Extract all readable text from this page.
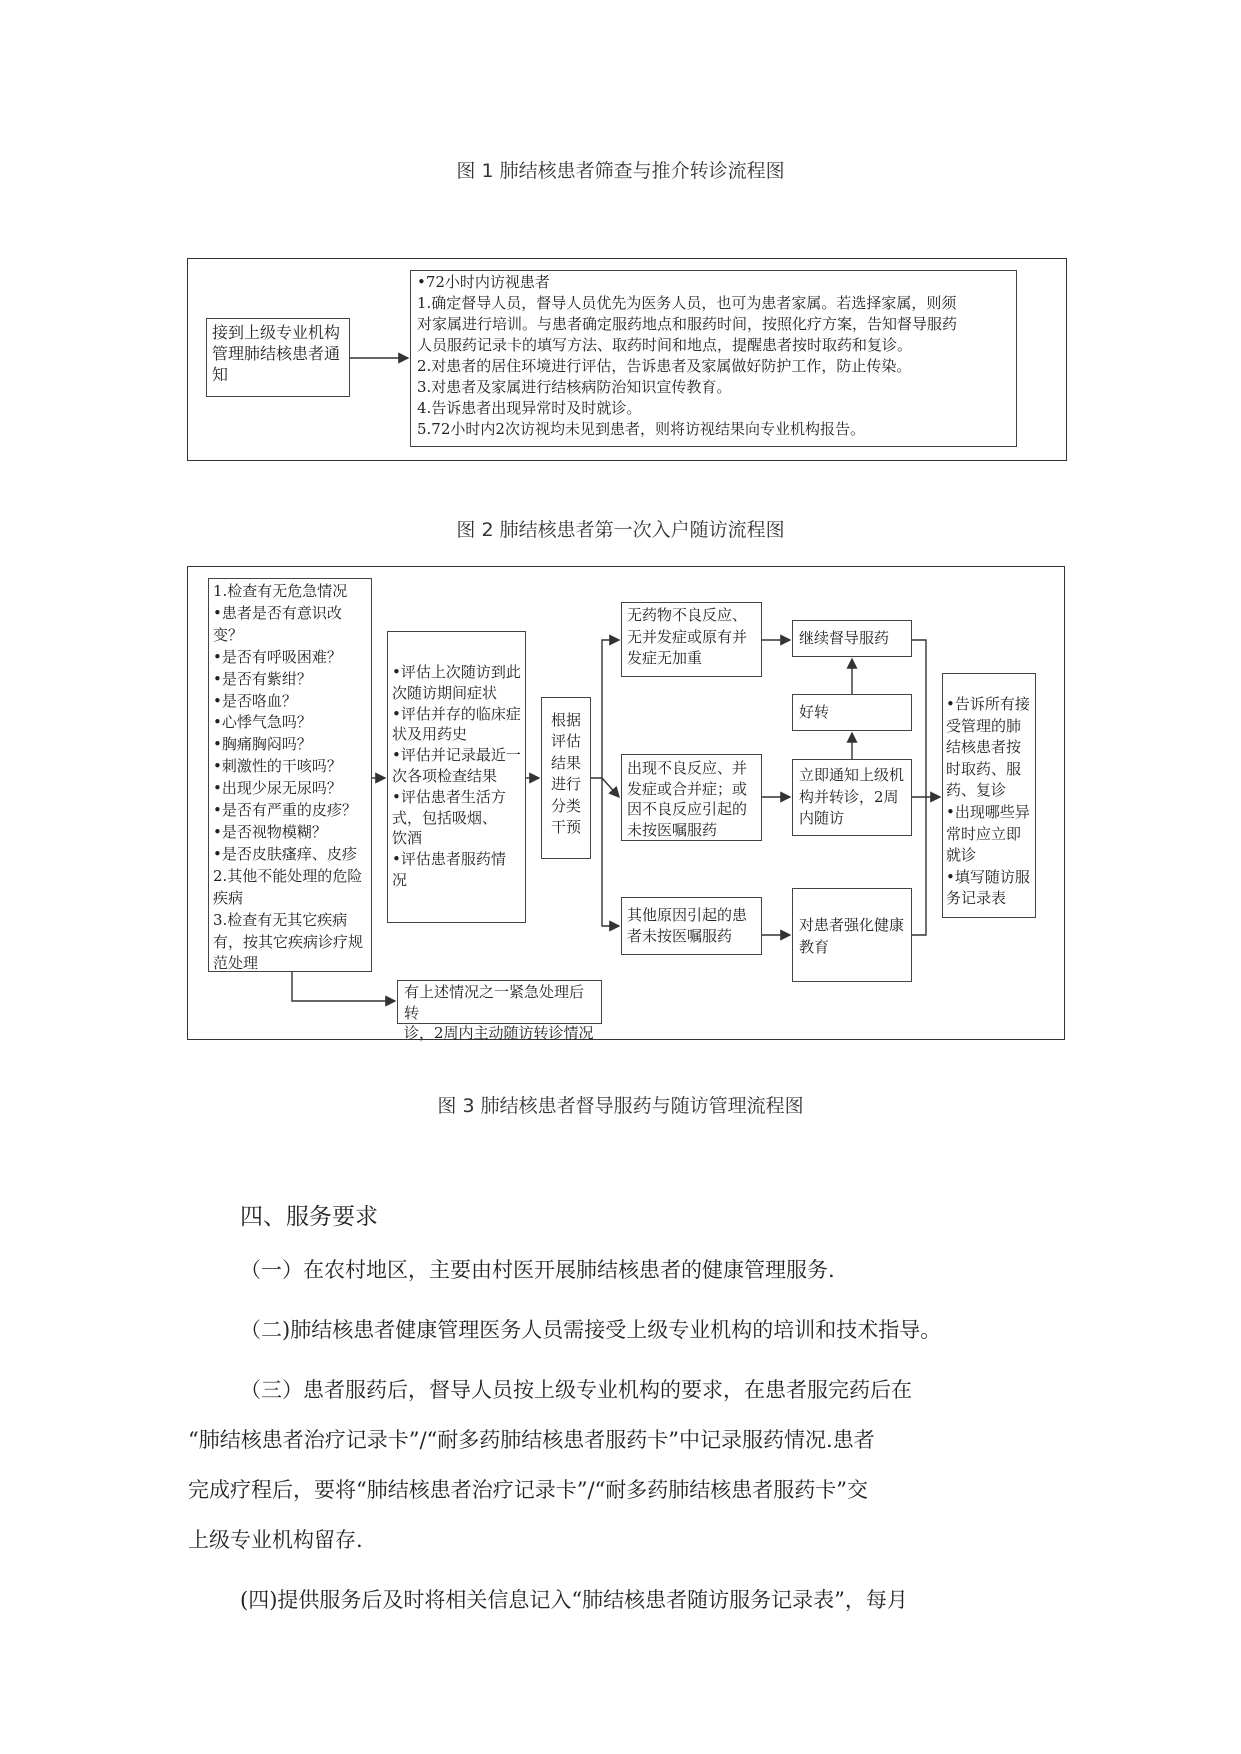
图 1 肺结核患者筛查与推介转诊流程图
接到上级专业机构
管理肺结核患者通
知
•72小时内访视患者
1.确定督导人员，督导人员优先为医务人员，也可为患者家属。若选择家属，则须
对家属进行培训。与患者确定服药地点和服药时间，按照化疗方案，告知督导服药
人员服药记录卡的填写方法、取药时间和地点，提醒患者按时取药和复诊。
2.对患者的居住环境进行评估，告诉患者及家属做好防护工作，防止传染。
3.对患者及家属进行结核病防治知识宣传教育。
4.告诉患者出现异常时及时就诊。
5.72小时内2次访视均未见到患者，则将访视结果向专业机构报告。
图 2 肺结核患者第一次入户随访流程图
1.检查有无危急情况
•患者是否有意识改
变？
•是否有呼吸困难？
•是否有紫绀？
•是否咯血？
•心悸气急吗？
•胸痛胸闷吗？
•刺激性的干咳吗？
•出现少尿无尿吗？
•是否有严重的皮疹？
•是否视物模糊？
•是否皮肤瘙痒、皮疹
2.其他不能处理的危险
疾病
3.检查有无其它疾病
有，按其它疾病诊疗规
范处理
•评估上次随访到此
次随访期间症状
•评估并存的临床症
状及用药史
•评估并记录最近一
次各项检查结果
•评估患者生活方
式，包括吸烟、
饮酒
•评估患者服药情
况
根据
评估
结果
进行
分类
干预
无药物不良反应、
无并发症或原有并
发症无加重
出现不良反应、并
发症或合并症；或
因不良反应引起的
未按医嘱服药
其他原因引起的患
者未按医嘱服药
继续督导服药
好转
立即通知上级机
构并转诊，2周
内随访
对患者强化健康
教育
•告诉所有接
受管理的肺
结核患者按
时取药、服
药、复诊
•出现哪些异
常时应立即
就诊
•填写随访服
务记录表
有上述情况之一紧急处理后转
诊，2周内主动随访转诊情况
图 3 肺结核患者督导服药与随访管理流程图
四、服务要求
（一）在农村地区，主要由村医开展肺结核患者的健康管理服务.
（二)肺结核患者健康管理医务人员需接受上级专业机构的培训和技术指导。
（三）患者服药后，督导人员按上级专业机构的要求，在患者服完药后在
“肺结核患者治疗记录卡”/“耐多药肺结核患者服药卡”中记录服药情况.患者
完成疗程后，要将“肺结核患者治疗记录卡”/“耐多药肺结核患者服药卡”交
上级专业机构留存.
(四)提供服务后及时将相关信息记入“肺结核患者随访服务记录表”，每月
